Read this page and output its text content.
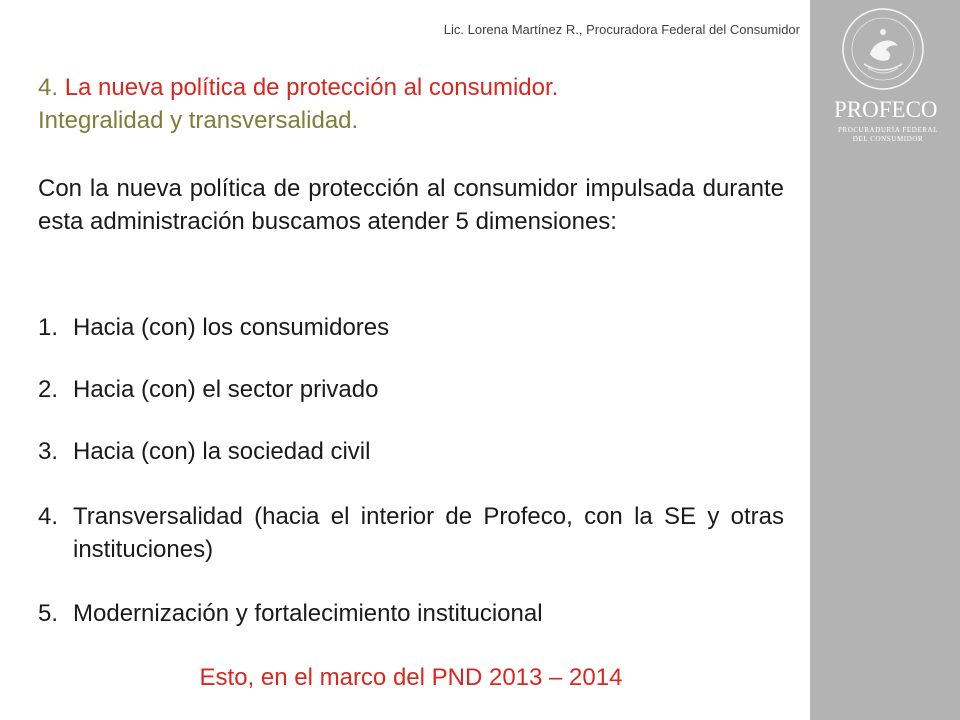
PROFECO
PROCURADURÍA FEDERAL
DEL CONSUMIDOR
Lic. Lorena Martínez R., Procuradora Federal del Consumidor
4. La nueva política de protección al consumidor.
Integralidad y transversalidad.

Con la nueva política de protección al consumidor impulsada durante esta administración buscamos atender 5 dimensiones:

1. Hacia (con) los consumidores
2. Hacia (con) el sector privado
3. Hacia (con) la sociedad civil
4. Transversalidad (hacia el interior de Profeco, con la SE y otras instituciones)
5. Modernización y fortalecimiento institucional
Esto, en el marco del PND 2013 – 2014
